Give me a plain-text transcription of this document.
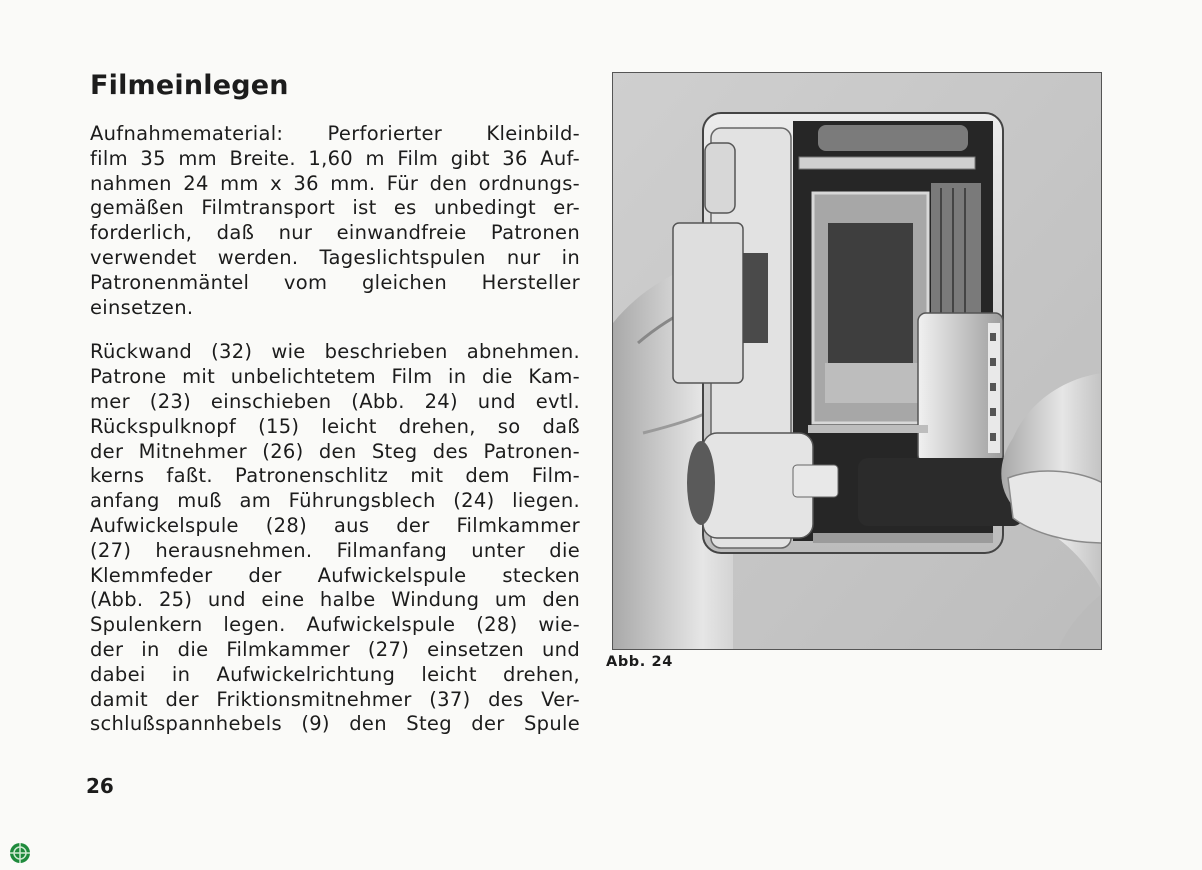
Filmeinlegen
Aufnahmematerial: Perforierter Kleinbild-
film 35 mm Breite. 1,60 m Film gibt 36 Auf-
nahmen 24 mm x 36 mm. Für den ordnungs-
gemäßen Filmtransport ist es unbedingt er-
forderlich, daß nur einwandfreie Patronen
verwendet werden. Tageslichtspulen nur in
Patronenmäntel vom gleichen Hersteller
einsetzen.
Rückwand (32) wie beschrieben abnehmen.
Patrone mit unbelichtetem Film in die Kam-
mer (23) einschieben (Abb. 24) und evtl.
Rückspulknopf (15) leicht drehen, so daß
der Mitnehmer (26) den Steg des Patronen-
kerns faßt. Patronenschlitz mit dem Film-
anfang muß am Führungsblech (24) liegen.
Aufwickelspule (28) aus der Filmkammer
(27) herausnehmen. Filmanfang unter die
Klemmfeder der Aufwickelspule stecken
(Abb. 25) und eine halbe Windung um den
Spulenkern legen. Aufwickelspule (28) wie-
der in die Filmkammer (27) einsetzen und
dabei in Aufwickelrichtung leicht drehen,
damit der Friktionsmitnehmer (37) des Ver-
schlußspannhebels (9) den Steg der Spule
Abb. 24
26
